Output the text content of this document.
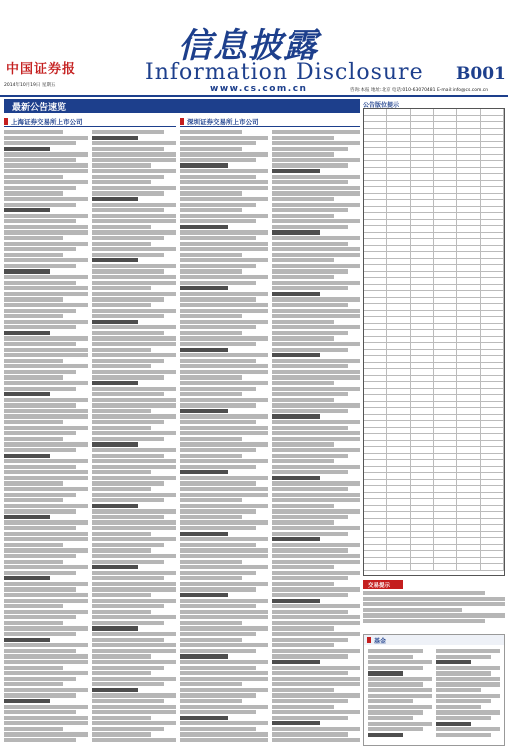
中国证券报
信息披露
Information Disclosure B001
2014年10月19日 星期五	www.cs.com.cn	咨询:本报 地址:北京 电话:010-63070481 E-mail:info@cs.com.cn
最新公告速览
上海证券交易所上市公司	深圳证券交易所上市公司
公告版位提示
交易提示
基金
